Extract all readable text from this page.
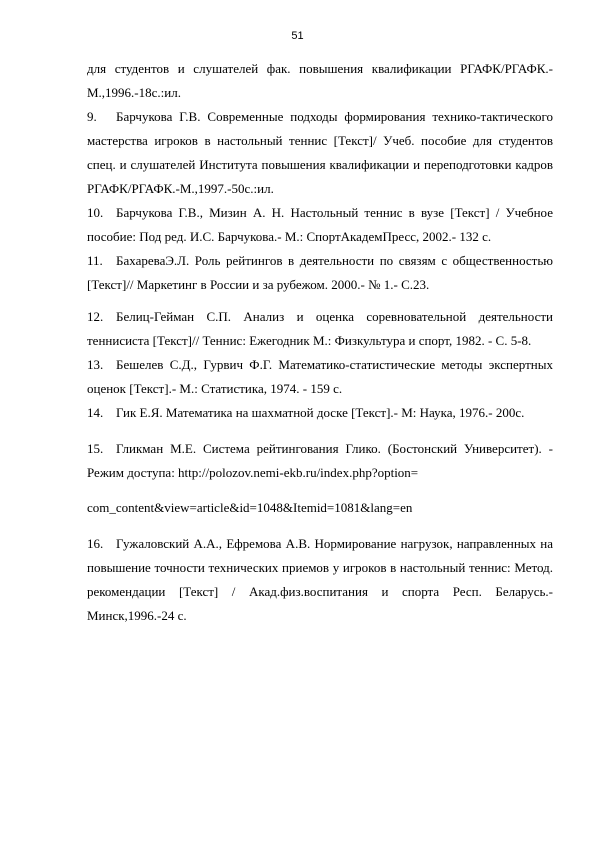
51

для студентов и слушателей фак. повышения квалификации РГАФК/РГАФК.-М.,1996.-18с.:ил.

9. Барчукова Г.В. Современные подходы формирования технико-тактического мастерства игроков в настольный теннис [Текст]/ Учеб. пособие для студентов спец. и слушателей Института повышения квалификации и переподготовки кадров РГАФК/РГАФК.-М.,1997.-50с.:ил.

10. Барчукова Г.В., Мизин А. Н. Настольный теннис в вузе [Текст] / Учебное пособие: Под ред. И.С. Барчукова.- М.: СпортАкадемПресс, 2002.- 132 с.

11. БахареваЭ.Л. Роль рейтингов в деятельности по связям с общественностью [Текст]// Маркетинг в России и за рубежом. 2000.- № 1.- С.23.

12. Белиц-Гейман С.П. Анализ и оценка соревновательной деятельности теннисиста [Текст]// Теннис: Ежегодник М.: Физкультура и спорт, 1982. - С. 5-8.

13. Бешелев С.Д., Гурвич Ф.Г. Математико-статистические методы экспертных оценок [Текст].- М.: Статистика, 1974. - 159 с.

14. Гик Е.Я. Математика на шахматной доске [Текст].- М: Наука, 1976.- 200с.

15. Гликман М.Е. Система рейтингования Глико. (Бостонский Университет). - Режим доступа: http://polozov.nemi-ekb.ru/index.php?option=

com_content&view=article&id=1048&Itemid=1081&lang=en

16. Гужаловский А.А., Ефремова А.В. Нормирование нагрузок, направленных на повышение точности технических приемов у игроков в настольный теннис: Метод. рекомендации [Текст] / Акад.физ.воспитания и спорта Респ. Беларусь.-Минск,1996.-24 с.
